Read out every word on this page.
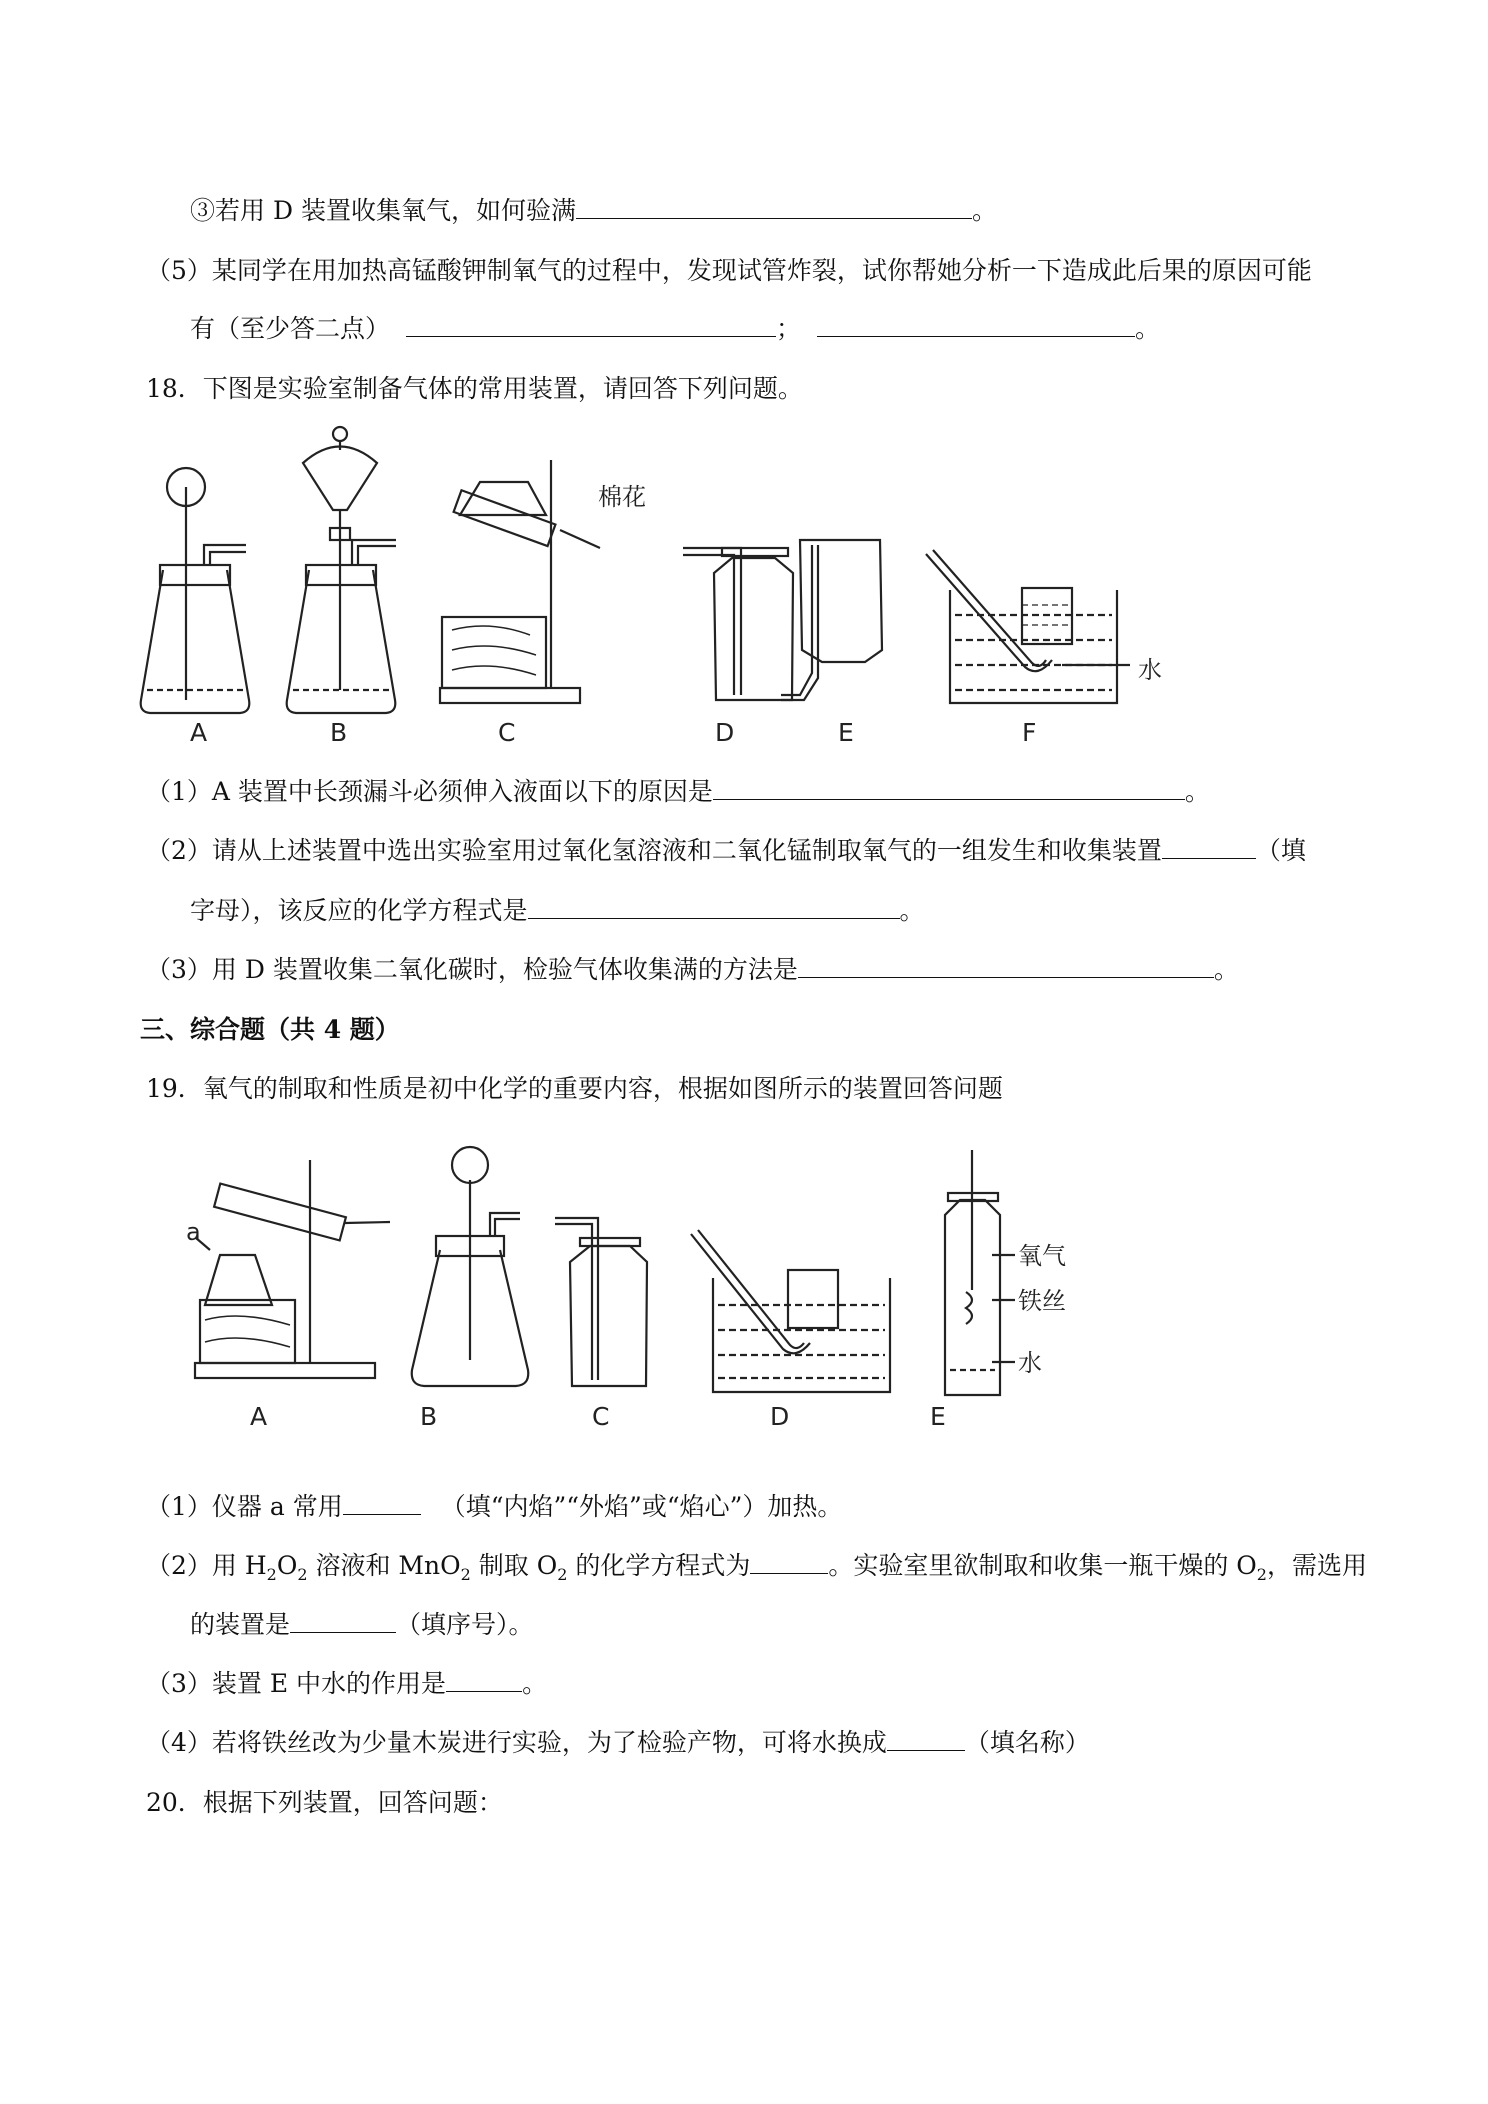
③若用 D 装置收集氧气，如何验满	。
（5）某同学在用加热高锰酸钾制氧气的过程中，发现试管炸裂，试你帮她分析一下造成此后果的原因可能
有（至少答二点）	；	。
18．下图是实验室制备气体的常用装置，请回答下列问题。
棉花
水
A	B	C	D	E	F
a
氧气
铁丝
水
A	B	C	D	E
（1）A 装置中长颈漏斗必须伸入液面以下的原因是	。
（2）请从上述装置中选出实验室用过氧化氢溶液和二氧化锰制取氧气的一组发生和收集装置	（填
字母），该反应的化学方程式是	。
（3）用 D 装置收集二氧化碳时，检验气体收集满的方法是	。
三、综合题（共 4 题）
19．氧气的制取和性质是初中化学的重要内容，根据如图所示的装置回答问题
（1）仪器 a 常用	（填“内焰”“外焰”或“焰心”）加热。
（2）用 $H_2O_2$ 溶液和 MnO$_2$ 制取 $O_2$ 的化学方程式为	。实验室里欲制取和收集一瓶干燥的 $O_2$，需选用
的装置是	（填序号）。
（3）装置 E 中水的作用是	。
（4）若将铁丝改为少量木炭进行实验，为了检验产物，可将水换成	（填名称）
20．根据下列装置，回答问题：
